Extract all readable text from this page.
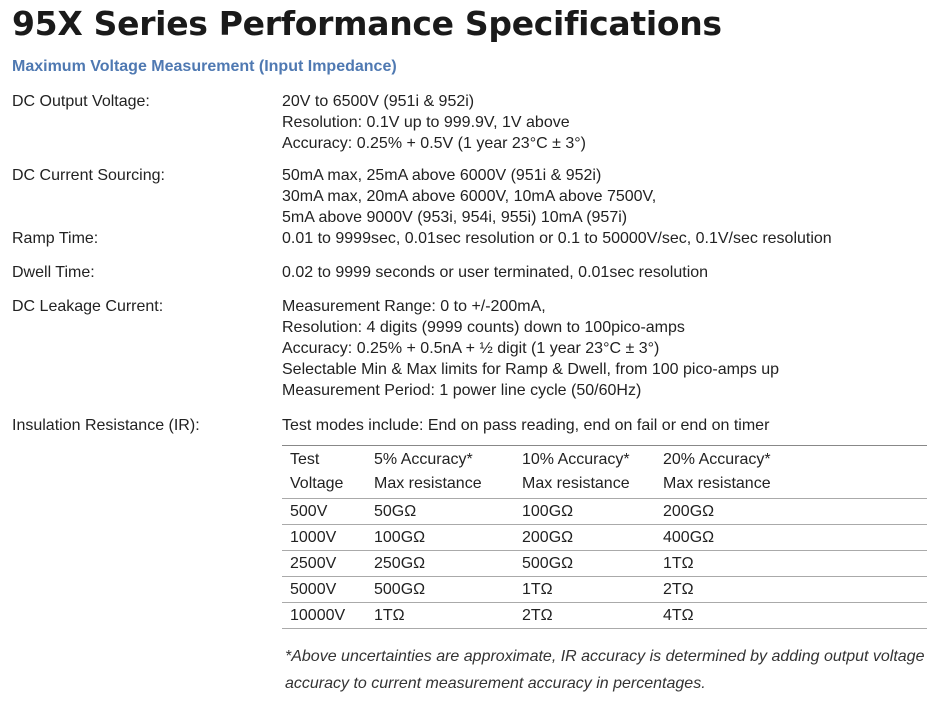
95X Series Performance Specifications
Maximum Voltage Measurement (Input Impedance)
DC Output Voltage:	20V to 6500V (951i & 952i)
Resolution: 0.1V up to 999.9V, 1V above
Accuracy: 0.25% + 0.5V (1 year 23°C ± 3°)
DC Current Sourcing:	50mA max, 25mA above 6000V (951i & 952i)
30mA max, 20mA above 6000V, 10mA above 7500V,
5mA above 9000V (953i, 954i, 955i) 10mA (957i)
Ramp Time:	0.01 to 9999sec, 0.01sec resolution or 0.1 to 50000V/sec, 0.1V/sec resolution
Dwell Time:	0.02 to 9999 seconds or user terminated, 0.01sec resolution
DC Leakage Current:	Measurement Range: 0 to +/-200mA,
Resolution: 4 digits (9999 counts) down to 100pico-amps
Accuracy: 0.25% + 0.5nA + ½ digit (1 year 23°C ± 3°)
Selectable Min & Max limits for Ramp & Dwell, from 100 pico-amps up
Measurement Period: 1 power line cycle (50/60Hz)
Insulation Resistance (IR):	Test modes include: End on pass reading, end on fail or end on timer
Test	5% Accuracy*	10% Accuracy*	20% Accuracy*
Voltage	Max resistance	Max resistance	Max resistance
500V	50GΩ	100GΩ	200GΩ
1000V	100GΩ	200GΩ	400GΩ
2500V	250GΩ	500GΩ	1TΩ
5000V	500GΩ	1TΩ	2TΩ
10000V	1TΩ	2TΩ	4TΩ
*Above uncertainties are approximate, IR accuracy is determined by adding output voltage accuracy to current measurement accuracy in percentages.
